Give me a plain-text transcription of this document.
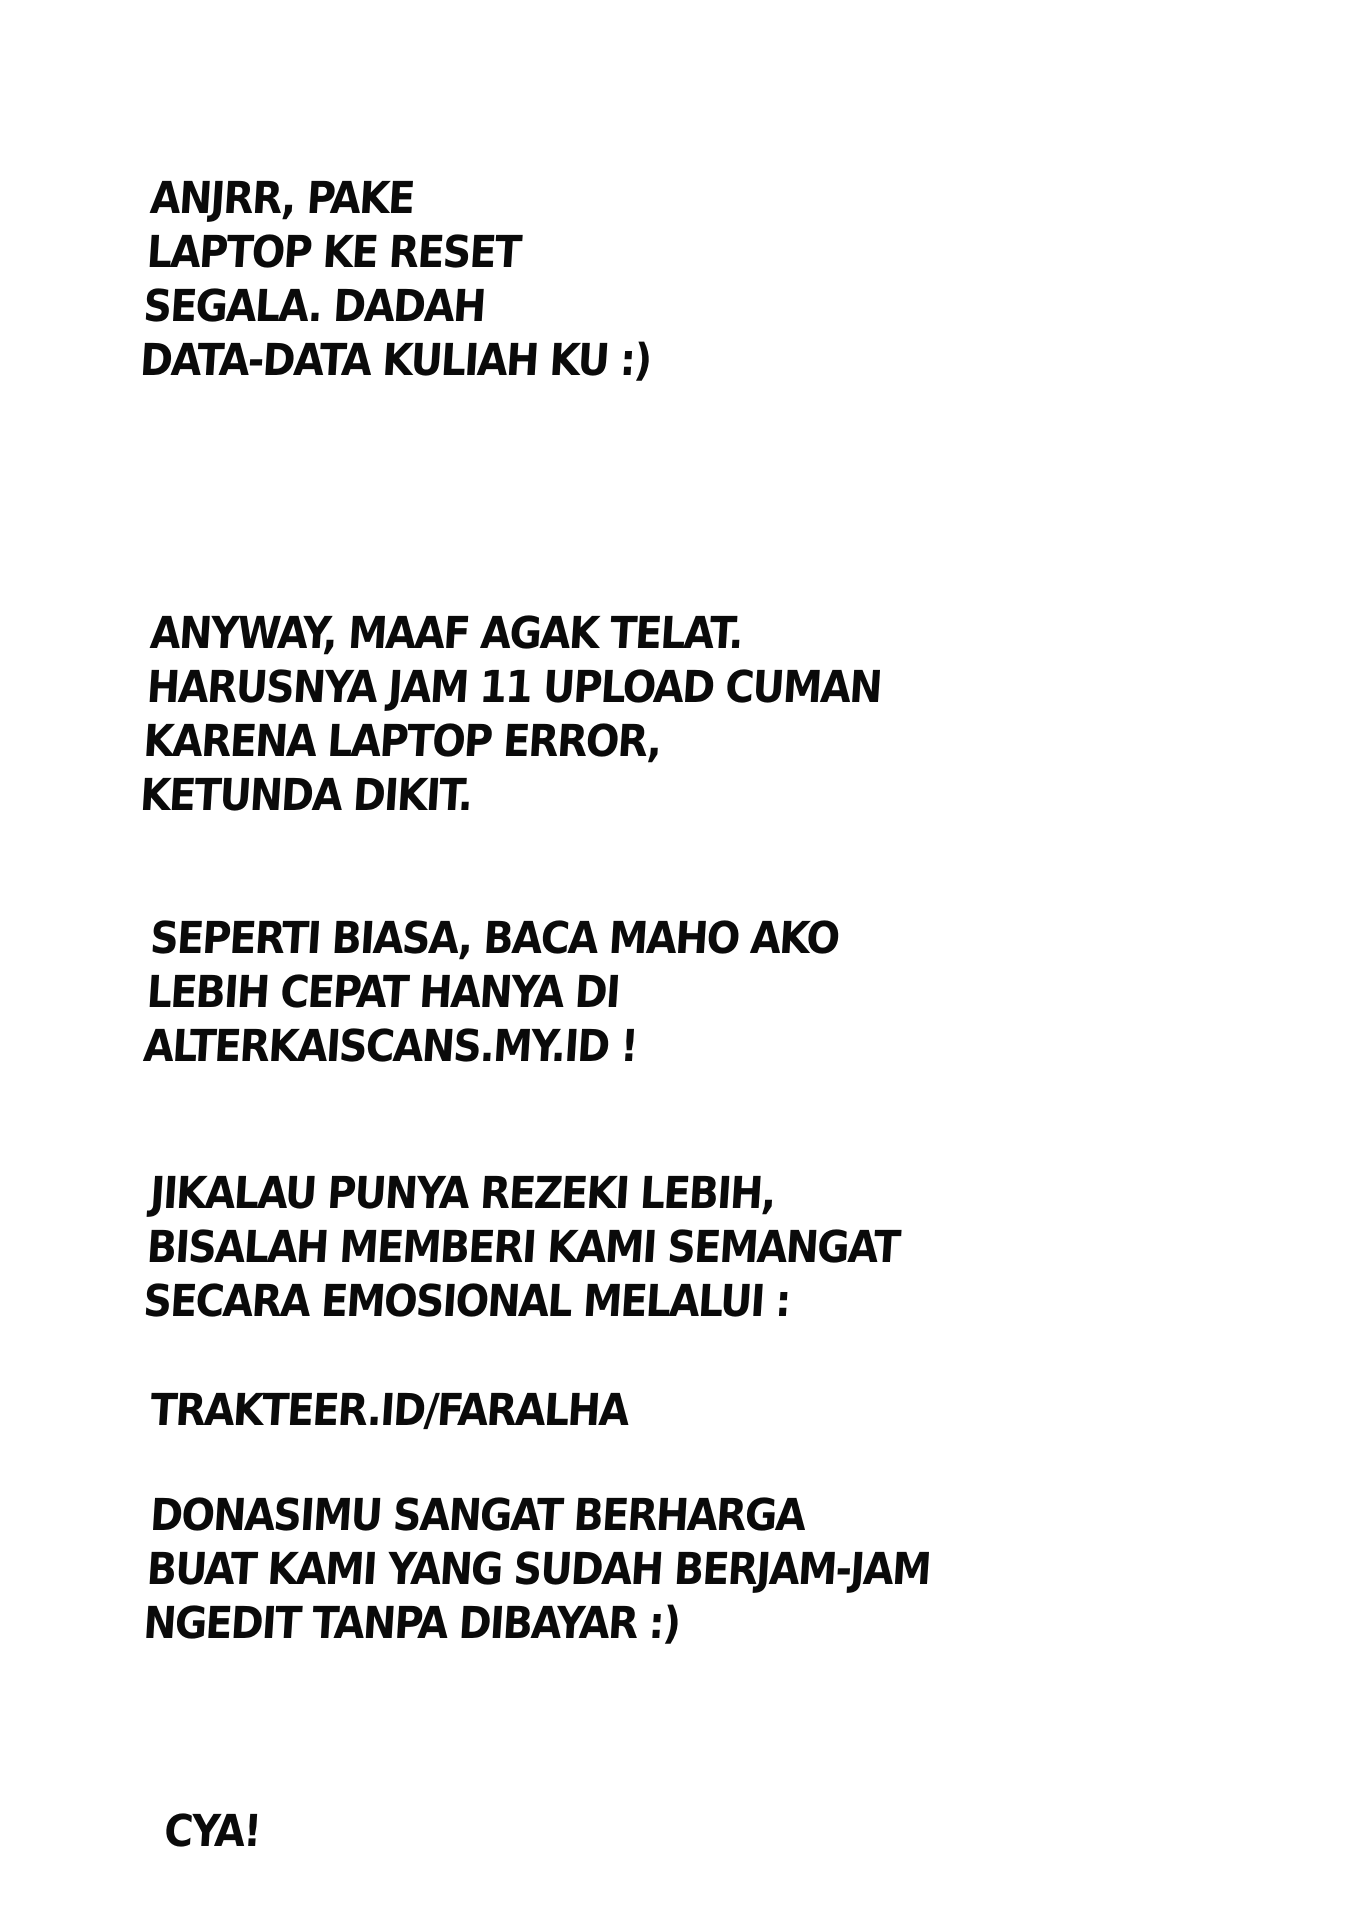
ANJRR, PAKE
LAPTOP KE RESET
SEGALA. DADAH
DATA-DATA KULIAH KU :)
ANYWAY, MAAF AGAK TELAT.
HARUSNYA JAM 11 UPLOAD CUMAN
KARENA LAPTOP ERROR,
KETUNDA DIKIT.
SEPERTI BIASA, BACA MAHO AKO
LEBIH CEPAT HANYA DI
ALTERKAISCANS.MY.ID !
JIKALAU PUNYA REZEKI LEBIH,
BISALAH MEMBERI KAMI SEMANGAT
SECARA EMOSIONAL MELALUI :
TRAKTEER.ID/FARALHA
DONASIMU SANGAT BERHARGA
BUAT KAMI YANG SUDAH BERJAM-JAM
NGEDIT TANPA DIBAYAR :)
CYA!
